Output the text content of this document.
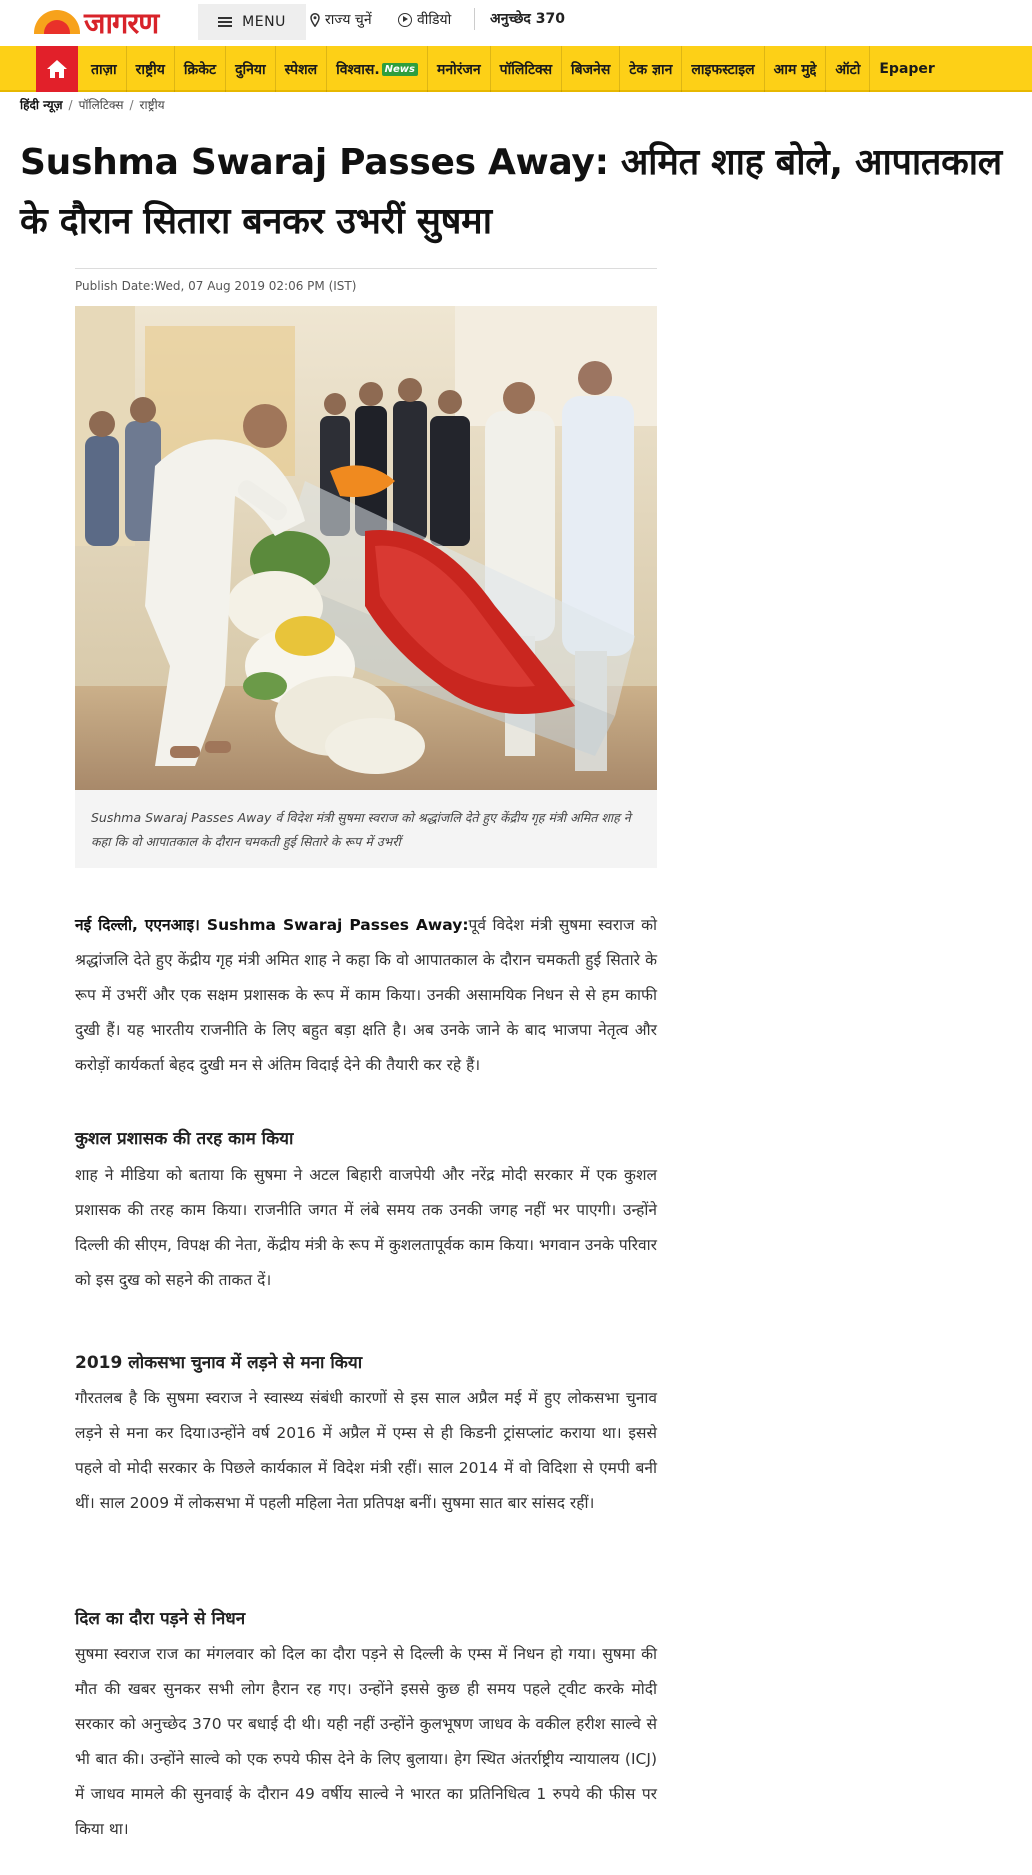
जागरण	MENU	राज्य चुनें	वीडियो	अनुच्छेद 370
ताज़ा राष्ट्रीय क्रिकेट दुनिया स्पेशल विश्वास. News मनोरंजन पॉलिटिक्स बिजनेस टेक ज्ञान लाइफस्टाइल आम मुद्दे ऑटो Epaper
हिंदी न्यूज़ / पॉलिटिक्स / राष्ट्रीय
Sushma Swaraj Passes Away: अमित शाह बोले, आपातकाल के दौरान सितारा बनकर उभरीं सुषमा
Publish Date:Wed, 07 Aug 2019 02:06 PM (IST)

Sushma Swaraj Passes Away र्व विदेश मंत्री सुषमा स्वराज को श्रद्धांजलि देते हुए केंद्रीय गृह मंत्री अमित शाह ने कहा कि वो आपातकाल के दौरान चमकती हुई सितारे के रूप में उभरीं

नई दिल्ली, एएनआइ। Sushma Swaraj Passes Away:पूर्व विदेश मंत्री सुषमा स्वराज को श्रद्धांजलि देते हुए केंद्रीय गृह मंत्री अमित शाह ने कहा कि वो आपातकाल के दौरान चमकती हुई सितारे के रूप में उभरीं और एक सक्षम प्रशासक के रूप में काम किया। उनकी असामयिक निधन से से हम काफी दुखी हैं। यह भारतीय राजनीति के लिए बहुत बड़ा क्षति है। अब उनके जाने के बाद भाजपा नेतृत्व और करोड़ों कार्यकर्ता बेहद दुखी मन से अंतिम विदाई देने की तैयारी कर रहे हैं।

कुशल प्रशासक की तरह काम किया

शाह ने मीडिया को बताया कि सुषमा ने अटल बिहारी वाजपेयी और नरेंद्र मोदी सरकार में एक कुशल प्रशासक की तरह काम किया। राजनीति जगत में लंबे समय तक उनकी जगह नहीं भर पाएगी। उन्होंने दिल्ली की सीएम, विपक्ष की नेता, केंद्रीय मंत्री के रूप में कुशलतापूर्वक काम किया। भगवान उनके परिवार को इस दुख को सहने की ताकत दें।

2019 लोकसभा चुनाव में लड़ने से मना किया

गौरतलब है कि सुषमा स्वराज ने स्वास्थ्य संबंधी कारणों से इस साल अप्रैल मई में हुए लोकसभा चुनाव लड़ने से मना कर दिया।उन्होंने वर्ष 2016 में अप्रैल में एम्स से ही किडनी ट्रांसप्लांट कराया था। इससे पहले वो मोदी सरकार के पिछले कार्यकाल में विदेश मंत्री रहीं। साल 2014 में वो विदिशा से एमपी बनी थीं। साल 2009 में लोकसभा में पहली महिला नेता प्रतिपक्ष बनीं। सुषमा सात बार सांसद रहीं।

दिल का दौरा पड़ने से निधन

सुषमा स्वराज राज का मंगलवार को दिल का दौरा पड़ने से दिल्ली के एम्स में निधन हो गया। सुषमा की मौत की खबर सुनकर सभी लोग हैरान रह गए। उन्होंने इससे कुछ ही समय पहले ट्वीट करके मोदी सरकार को अनुच्छेद 370 पर बधाई दी थी। यही नहीं उन्होंने कुलभूषण जाधव के वकील हरीश साल्वे से भी बात की। उन्होंने साल्वे को एक रुपये फीस देने के लिए बुलाया। हेग स्थित अंतर्राष्ट्रीय न्यायालय (ICJ) में जाधव मामले की सुनवाई के दौरान 49 वर्षीय साल्वे ने भारत का प्रतिनिधित्व 1 रुपये की फीस पर किया था।
